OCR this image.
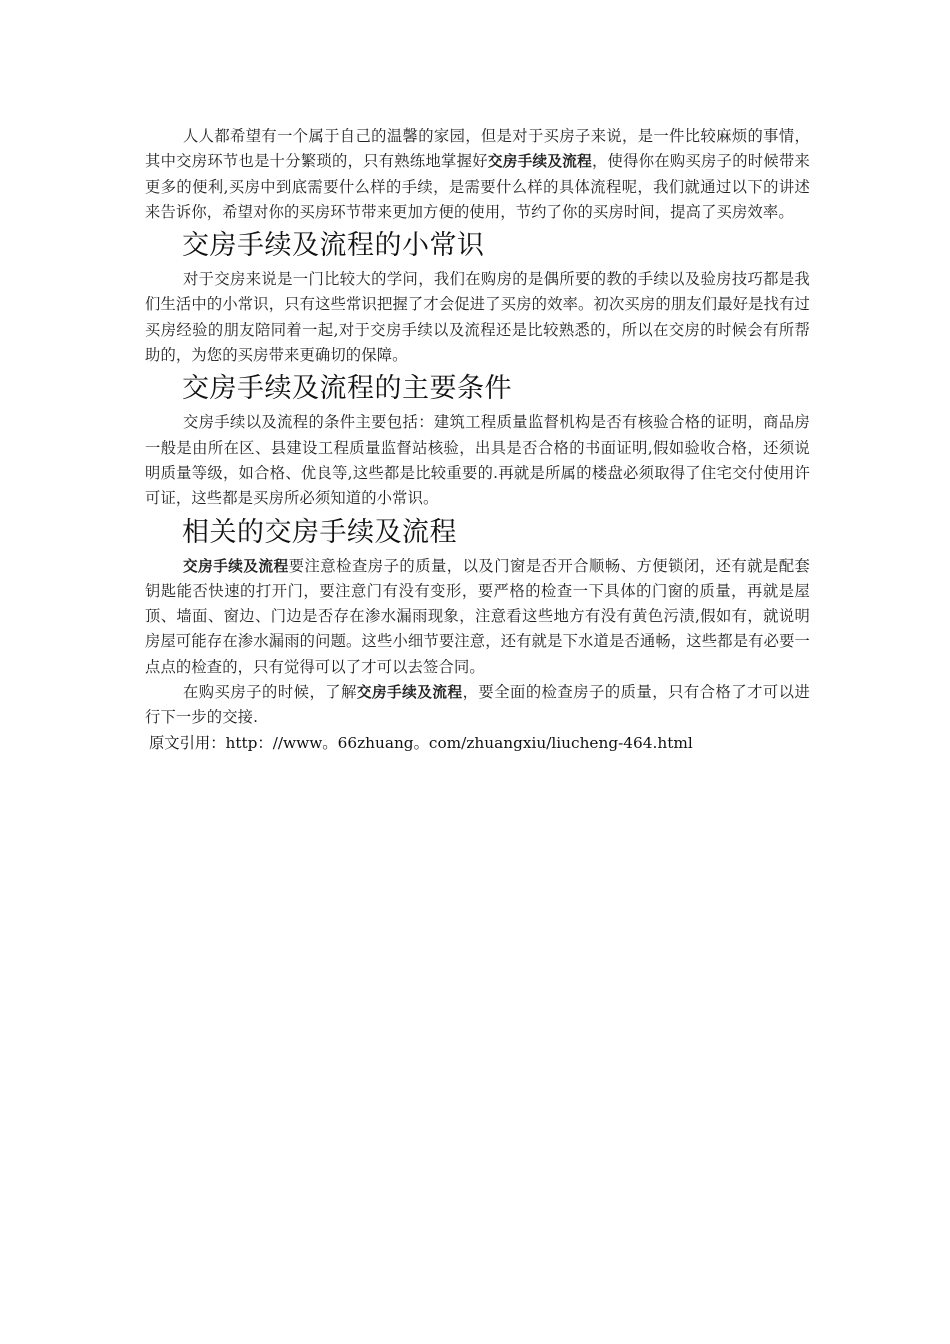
人人都希望有一个属于自己的温馨的家园，但是对于买房子来说，是一件比较麻烦的事情，其中交房环节也是十分繁琐的，只有熟练地掌握好交房手续及流程，使得你在购买房子的时候带来更多的便利,买房中到底需要什么样的手续，是需要什么样的具体流程呢，我们就通过以下的讲述来告诉你，希望对你的买房环节带来更加方便的使用，节约了你的买房时间，提高了买房效率。

交房手续及流程的小常识

对于交房来说是一门比较大的学问，我们在购房的是偶所要的教的手续以及验房技巧都是我们生活中的小常识，只有这些常识把握了才会促进了买房的效率。初次买房的朋友们最好是找有过买房经验的朋友陪同着一起,对于交房手续以及流程还是比较熟悉的，所以在交房的时候会有所帮助的，为您的买房带来更确切的保障。

交房手续及流程的主要条件

交房手续以及流程的条件主要包括：建筑工程质量监督机构是否有核验合格的证明，商品房一般是由所在区、县建设工程质量监督站核验，出具是否合格的书面证明,假如验收合格，还须说明质量等级，如合格、优良等,这些都是比较重要的.再就是所属的楼盘必须取得了住宅交付使用许可证，这些都是买房所必须知道的小常识。

相关的交房手续及流程

交房手续及流程要注意检查房子的质量，以及门窗是否开合顺畅、方便锁闭，还有就是配套钥匙能否快速的打开门，要注意门有没有变形，要严格的检查一下具体的门窗的质量，再就是屋顶、墙面、窗边、门边是否存在渗水漏雨现象，注意看这些地方有没有黄色污渍,假如有，就说明房屋可能存在渗水漏雨的问题。这些小细节要注意，还有就是下水道是否通畅，这些都是有必要一点点的检查的，只有觉得可以了才可以去签合同。

在购买房子的时候，了解交房手续及流程，要全面的检查房子的质量，只有合格了才可以进行下一步的交接.

原文引用：http：//www。66zhuang。com/zhuangxiu/liucheng-464.html
